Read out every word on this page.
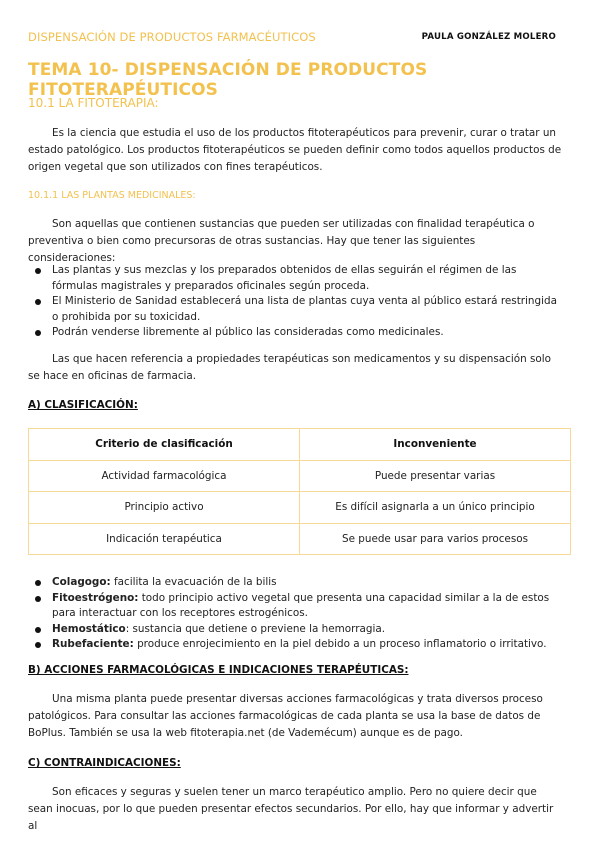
DISPENSACIÓN DE PRODUCTOS FARMACÉUTICOS	PAULA GONZÁLEZ MOLERO
TEMA 10- DISPENSACIÓN DE PRODUCTOS FITOTERAPÉUTICOS
10.1 LA FITOTERAPIA:

Es la ciencia que estudia el uso de los productos fitoterapéuticos para prevenir, curar o tratar un estado patológico. Los productos fitoterapéuticos se pueden definir como todos aquellos productos de origen vegetal que son utilizados con fines terapéuticos.

10.1.1 LAS PLANTAS MEDICINALES:

Son aquellas que contienen sustancias que pueden ser utilizadas con finalidad terapéutica o preventiva o bien como precursoras de otras sustancias. Hay que tener las siguientes consideraciones:

Las plantas y sus mezclas y los preparados obtenidos de ellas seguirán el régimen de las fórmulas magistrales y preparados oficinales según proceda.
El Ministerio de Sanidad establecerá una lista de plantas cuya venta al público estará restringida o prohibida por su toxicidad.
Podrán venderse libremente al público las consideradas como medicinales.

Las que hacen referencia a propiedades terapéuticas son medicamentos y su dispensación solo se hace en oficinas de farmacia.

A) CLASIFICACIÓN:
Criterio de clasificación	Inconveniente
Actividad farmacológica	Puede presentar varias
Principio activo	Es difícil asignarla a un único principio
Indicación terapéutica	Se puede usar para varios procesos
Colagogo: facilita la evacuación de la bilis
Fitoestrógeno: todo principio activo vegetal que presenta una capacidad similar a la de estos para interactuar con los receptores estrogénicos.
Hemostático: sustancia que detiene o previene la hemorragia.
Rubefaciente: produce enrojecimiento en la piel debido a un proceso inflamatorio o irritativo.
B) ACCIONES FARMACOLÓGICAS E INDICACIONES TERAPÉUTICAS:

Una misma planta puede presentar diversas acciones farmacológicas y trata diversos proceso patológicos. Para consultar las acciones farmacológicas de cada planta se usa la base de datos de BoPlus. También se usa la web fitoterapia.net (de Vademécum) aunque es de pago.

C) CONTRAINDICACIONES:

Son eficaces y seguras y suelen tener un marco terapéutico amplio. Pero no quiere decir que sean inocuas, por lo que pueden presentar efectos secundarios. Por ello, hay que informar y advertir al
